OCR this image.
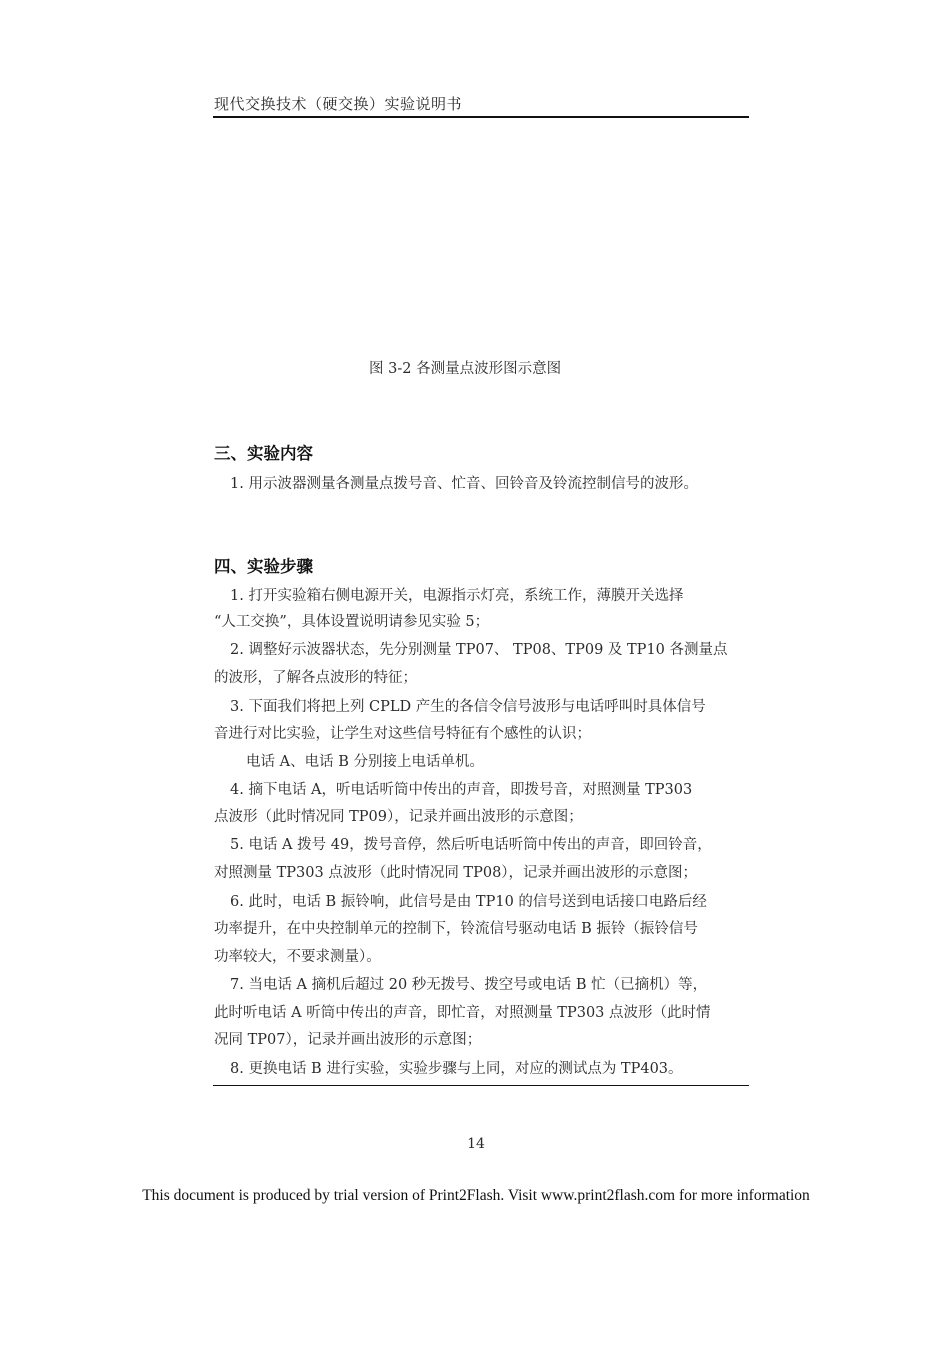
现代交换技术（硬交换）实验说明书
图 3-2 各测量点波形图示意图
三、实验内容
1. 用示波器测量各测量点拨号音、忙音、回铃音及铃流控制信号的波形。
四、实验步骤
1. 打开实验箱右侧电源开关，电源指示灯亮，系统工作，薄膜开关选择
“人工交换”，具体设置说明请参见实验 5；
2. 调整好示波器状态，先分别测量 TP07、 TP08、TP09 及 TP10 各测量点
的波形，了解各点波形的特征；
3. 下面我们将把上列 CPLD 产生的各信令信号波形与电话呼叫时具体信号
音进行对比实验，让学生对这些信号特征有个感性的认识；
电话 A、电话 B 分别接上电话单机。
4. 摘下电话 A，听电话听筒中传出的声音，即拨号音，对照测量 TP303
点波形（此时情况同 TP09），记录并画出波形的示意图；
5. 电话 A 拨号 49，拨号音停，然后听电话听筒中传出的声音，即回铃音，
对照测量 TP303 点波形（此时情况同 TP08），记录并画出波形的示意图；
6. 此时，电话 B 振铃响，此信号是由 TP10 的信号送到电话接口电路后经
功率提升，在中央控制单元的控制下，铃流信号驱动电话 B 振铃（振铃信号
功率较大，不要求测量）。
7. 当电话 A 摘机后超过 20 秒无拨号、拨空号或电话 B 忙（已摘机）等，
此时听电话 A 听筒中传出的声音，即忙音，对照测量 TP303 点波形（此时情
况同 TP07），记录并画出波形的示意图；
8. 更换电话 B 进行实验，实验步骤与上同，对应的测试点为 TP403。
14
This document is produced by trial version of Print2Flash. Visit www.print2flash.com for more information
